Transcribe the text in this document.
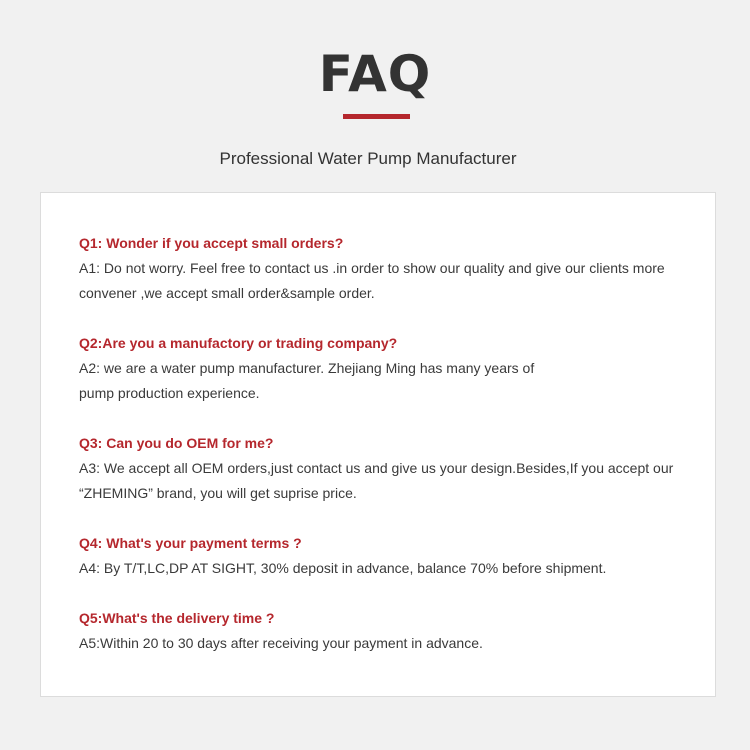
FAQ
Professional Water Pump Manufacturer
Q1: Wonder if you accept small orders?
A1: Do not worry. Feel free to contact us .in order to show our quality and give our clients more
convener ,we accept small order&sample order.
Q2:Are you a manufactory or trading company?
A2: we are a water pump manufacturer. Zhejiang Ming has many years of
pump production experience.
Q3: Can you do OEM for me?
A3: We accept all OEM orders,just contact us and give us your design.Besides,If you accept our
“ZHEMING” brand, you will get suprise price.
Q4: What's your payment terms ?
A4: By T/T,LC,DP AT SIGHT, 30% deposit in advance, balance 70% before shipment.
Q5:What's the delivery time ?
A5:Within 20 to 30 days after receiving your payment in advance.
